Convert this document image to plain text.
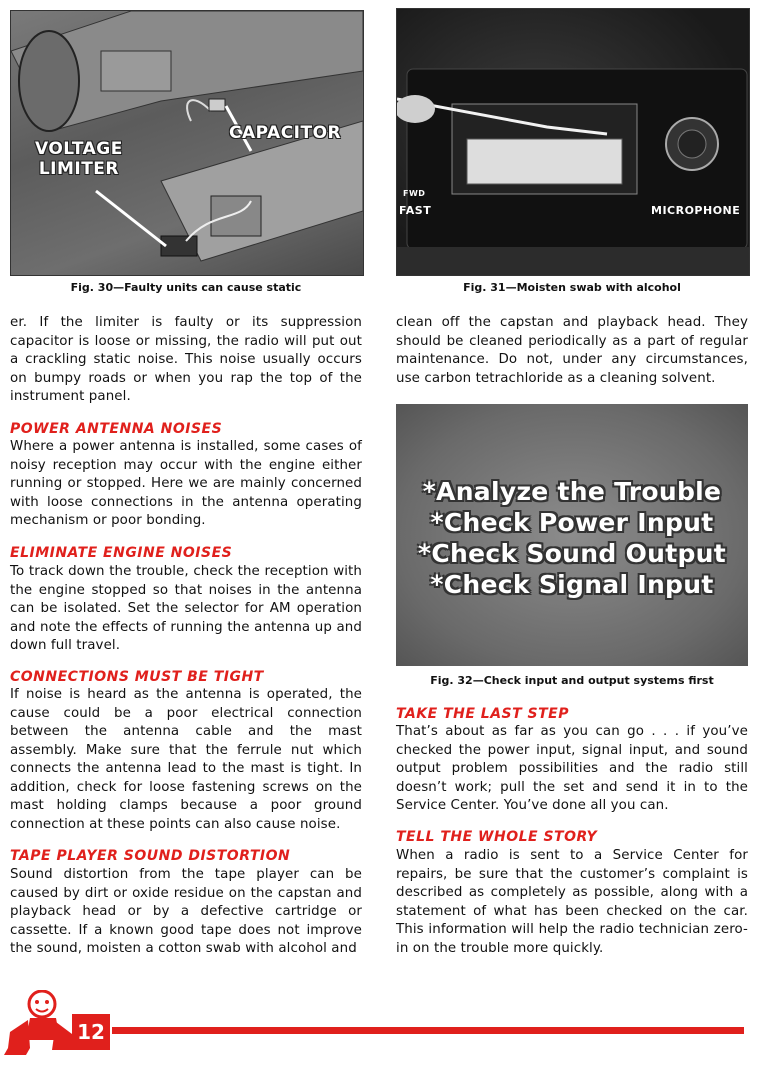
CAPACITOR
VOLTAGE
LIMITER
Fig. 30—Faulty units can cause static
FWD
FAST	MICROPHONE
Fig. 31—Moisten swab with alcohol

er. If the limiter is faulty or its suppression capacitor is loose or missing, the radio will put out a crackling static noise. This noise usually occurs on bumpy roads or when you rap the top of the instrument panel.

POWER ANTENNA NOISES

Where a power antenna is installed, some cases of noisy reception may occur with the engine either running or stopped. Here we are mainly concerned with loose connections in the antenna operating mechanism or poor bonding.

ELIMINATE ENGINE NOISES

To track down the trouble, check the reception with the engine stopped so that noises in the antenna can be isolated. Set the selector for AM operation and note the effects of running the antenna up and down full travel.

CONNECTIONS MUST BE TIGHT

If noise is heard as the antenna is operated, the cause could be a poor electrical connection between the antenna cable and the mast assembly. Make sure that the ferrule nut which connects the antenna lead to the mast is tight. In addition, check for loose fastening screws on the mast holding clamps because a poor ground connection at these points can also cause noise.

TAPE PLAYER SOUND DISTORTION

Sound distortion from the tape player can be caused by dirt or oxide residue on the capstan and playback head or by a defective cartridge or cassette. If a known good tape does not improve the sound, moisten a cotton swab with alcohol and

clean off the capstan and playback head. They should be cleaned periodically as a part of regular maintenance. Do not, under any circumstances, use carbon tetrachloride as a cleaning solvent.

*Analyze the Trouble
*Check Power Input
*Check Sound Output
*Check Signal Input
Fig. 32—Check input and output systems first
TAKE THE LAST STEP

That’s about as far as you can go . . . if you’ve checked the power input, signal input, and sound output problem possibilities and the radio still doesn’t work; pull the set and send it in to the Service Center. You’ve done all you can.

TELL THE WHOLE STORY

When a radio is sent to a Service Center for repairs, be sure that the customer’s complaint is described as completely as possible, along with a statement of what has been checked on the car. This information will help the radio technician zero-in on the trouble more quickly.

12
